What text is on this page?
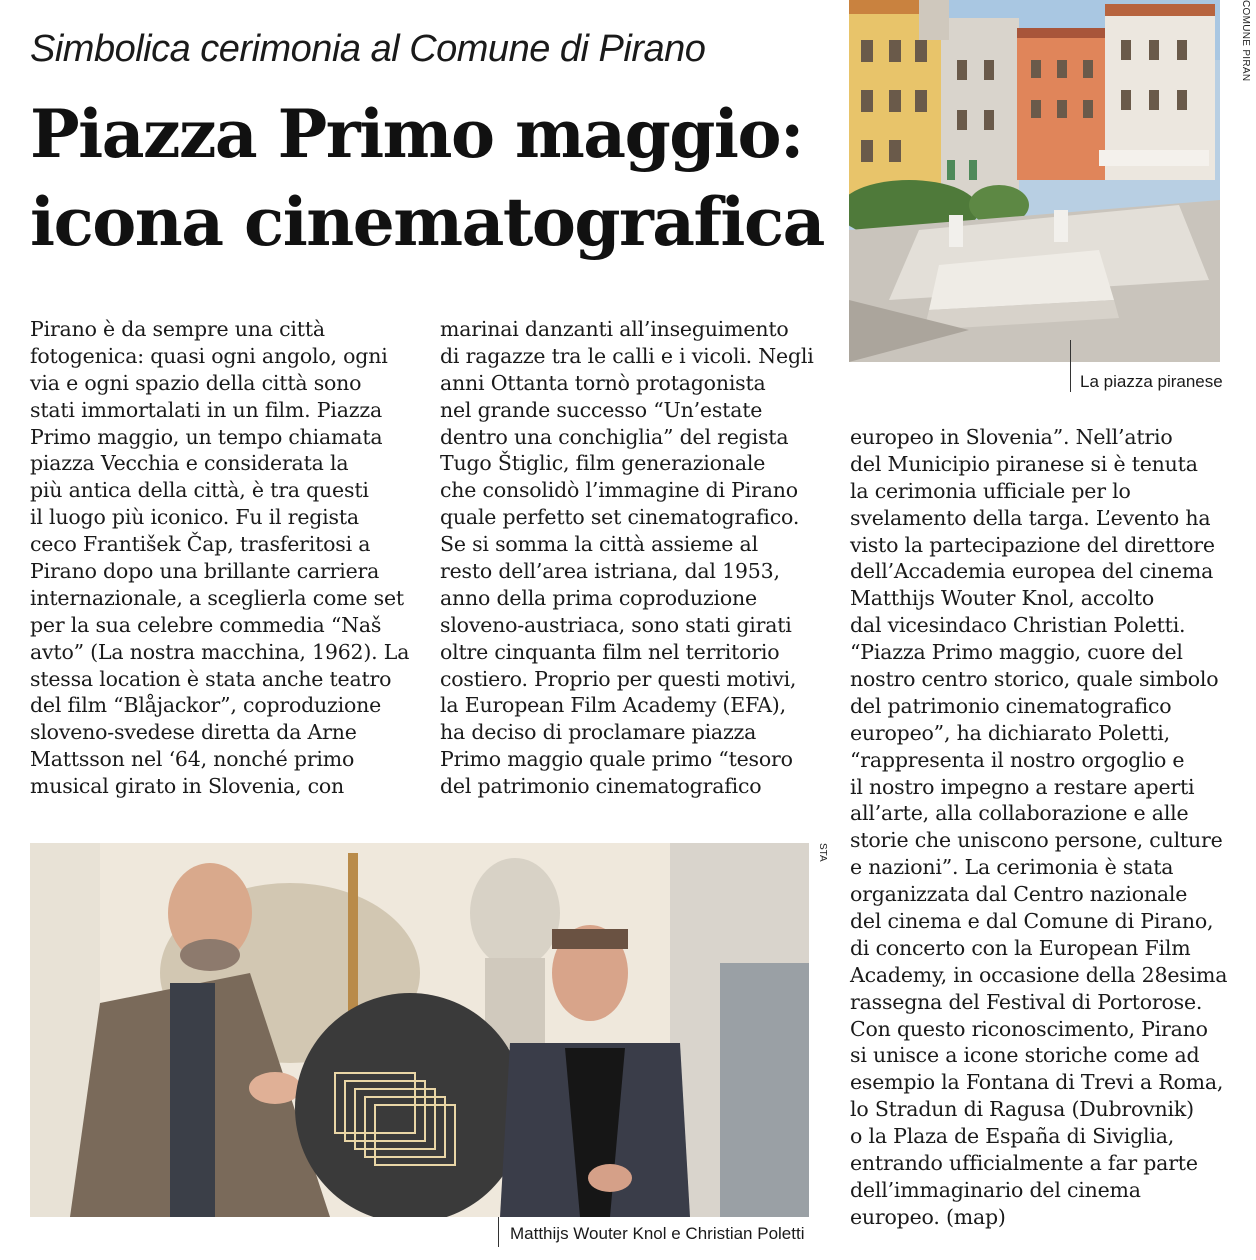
Simbolica cerimonia al Comune di Pirano
Piazza Primo maggio:
icona cinematografica
Pirano è da sempre una città
fotogenica: quasi ogni angolo, ogni
via e ogni spazio della città sono
stati immortalati in un film. Piazza
Primo maggio, un tempo chiamata
piazza Vecchia e considerata la
più antica della città, è tra questi
il luogo più iconico. Fu il regista
ceco František Čap, trasferitosi a
Pirano dopo una brillante carriera
internazionale, a sceglierla come set
per la sua celebre commedia “Naš
avto” (La nostra macchina, 1962). La
stessa location è stata anche teatro
del film “Blåjackor”, coproduzione
sloveno-svedese diretta da Arne
Mattsson nel ‘64, nonché primo
musical girato in Slovenia, con
marinai danzanti all’inseguimento
di ragazze tra le calli e i vicoli. Negli
anni Ottanta tornò protagonista
nel grande successo “Un’estate
dentro una conchiglia” del regista
Tugo Štiglic, film generazionale
che consolidò l’immagine di Pirano
quale perfetto set cinematografico.
Se si somma la città assieme al
resto dell’area istriana, dal 1953,
anno della prima coproduzione
sloveno-austriaca, sono stati girati
oltre cinquanta film nel territorio
costiero. Proprio per questi motivi,
la European Film Academy (EFA),
ha deciso di proclamare piazza
Primo maggio quale primo “tesoro
del patrimonio cinematografico
europeo in Slovenia”. Nell’atrio
del Municipio piranese si è tenuta
la cerimonia ufficiale per lo
svelamento della targa. L’evento ha
visto la partecipazione del direttore
dell’Accademia europea del cinema
Matthijs Wouter Knol, accolto
dal vicesindaco Christian Poletti.
“Piazza Primo maggio, cuore del
nostro centro storico, quale simbolo
del patrimonio cinematografico
europeo”, ha dichiarato Poletti,
“rappresenta il nostro orgoglio e
il nostro impegno a restare aperti
all’arte, alla collaborazione e alle
storie che uniscono persone, culture
e nazioni”. La cerimonia è stata
organizzata dal Centro nazionale
del cinema e dal Comune di Pirano,
di concerto con la European Film
Academy, in occasione della 28esima
rassegna del Festival di Portorose.
Con questo riconoscimento, Pirano
si unisce a icone storiche come ad
esempio la Fontana di Trevi a Roma,
lo Stradun di Ragusa (Dubrovnik)
o la Plaza de España di Siviglia,
entrando ufficialmente a far parte
dell’immaginario del cinema
europeo. (map)
COMUNE PIRAN
La piazza piranese
STA
Matthijs Wouter Knol e Christian Poletti
